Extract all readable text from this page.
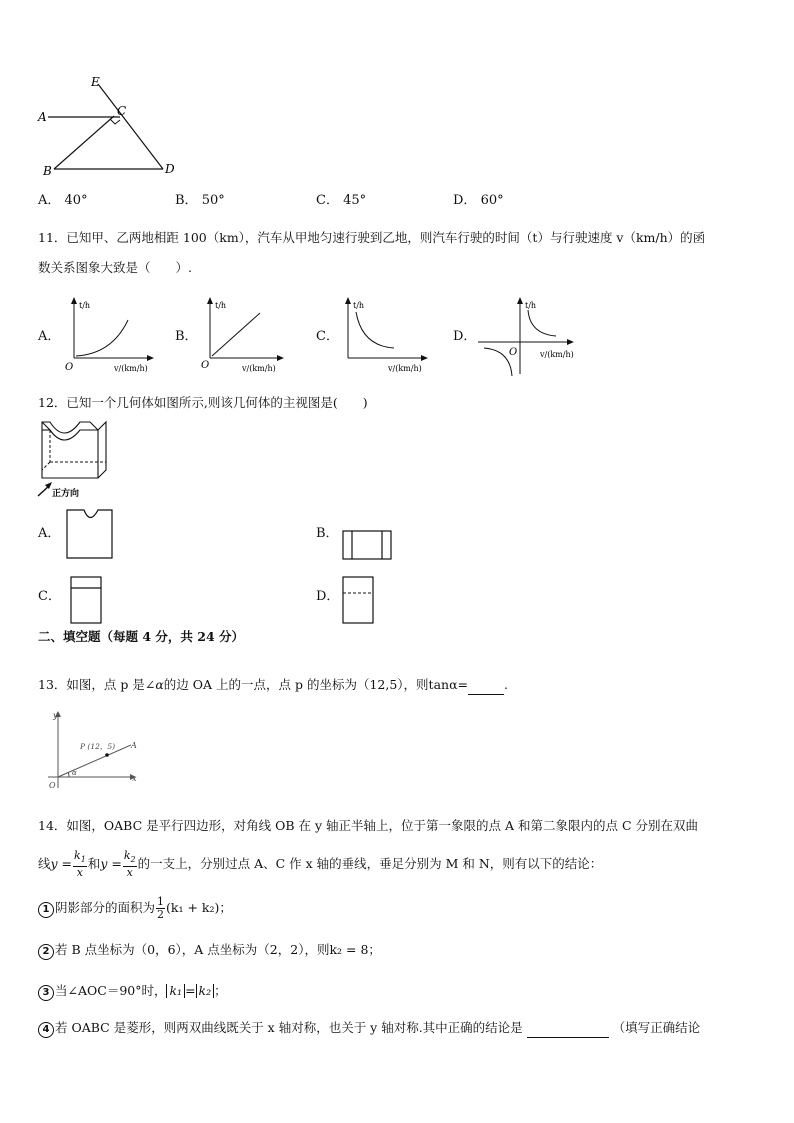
E
C
A
B	D
A． 40°	B． 50°	C． 45°	D． 60°
11．已知甲、乙两地相距 100（km），汽车从甲地匀速行驶到乙地，则汽车行驶的时间（t）与行驶速度 v（km/h）的函
数关系图象大致是（　　）.
A．
t/h
O	v/(km/h)
B．
t/h
O	v/(km/h)
C．
t/h
v/(km/h)
D．
t/h
O	v/(km/h)
12．已知一个几何体如图所示,则该几何体的主视图是(　　)
正方向
A．	B．
C．	D．
二、填空题（每题 4 分，共 24 分）
13．如图，点 p 是∠α的边 OA 上的一点，点 p 的坐标为（12,5），则tanα=	.
y
x
O
P (12，5) A
α
14．如图，OABC 是平行四边形，对角线 OB 在 y 轴正半轴上，位于第一象限的点 A 和第二象限内的点 C 分别在双曲
线$y = \frac{k_1}{x}$ 和$y = \frac{k_2}{x}$ 的一支上，分别过点 A、C 作 x 轴的垂线，垂足分别为 M 和 N，则有以下的结论：
1 阴影部分的面积为 $\frac{1}{2} (k_1 + k_2)$；
2 若 B 点坐标为（0，6），A 点坐标为（2，2），则k₂ = 8；
3 当∠AOC＝90°时， k₁ = k₂ ；
4 若 OABC 是菱形，则两双曲线既关于 x 轴对称，也关于 y 轴对称.其中正确的结论是	（填写正确结论
